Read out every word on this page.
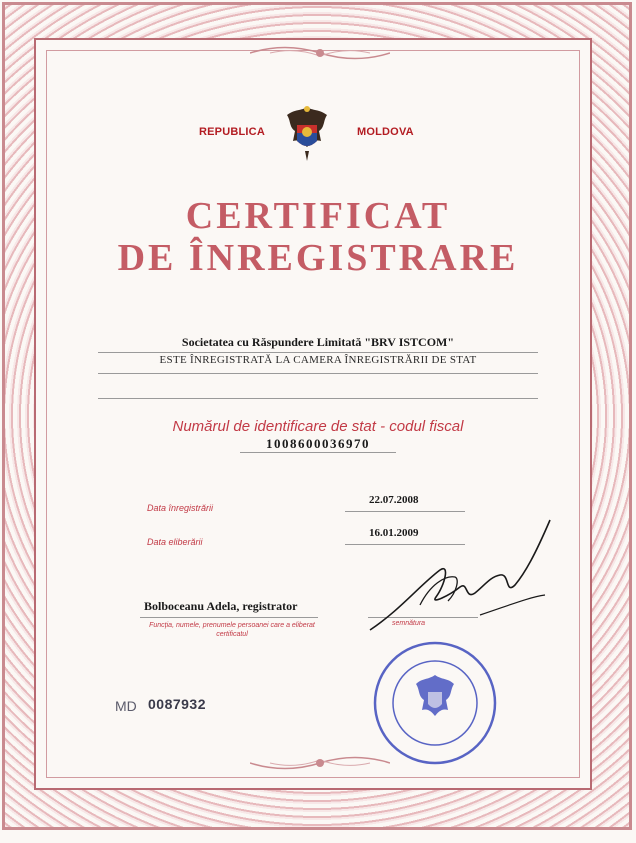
REPUBLICA	MOLDOVA
CERTIFICAT
DE ÎNREGISTRARE
Societatea cu Răspundere Limitată "BRV ISTCOM"
ESTE ÎNREGISTRATĂ LA CAMERA ÎNREGISTRĂRII DE STAT
Numărul de identificare de stat - codul fiscal
1008600036970
Data înregistrării
22.07.2008
Data eliberării
16.01.2009
Bolboceanu Adela, registrator
Funcţia, numele, prenumele persoanei care a eliberat certificatul
semnătura
MD 0087932
